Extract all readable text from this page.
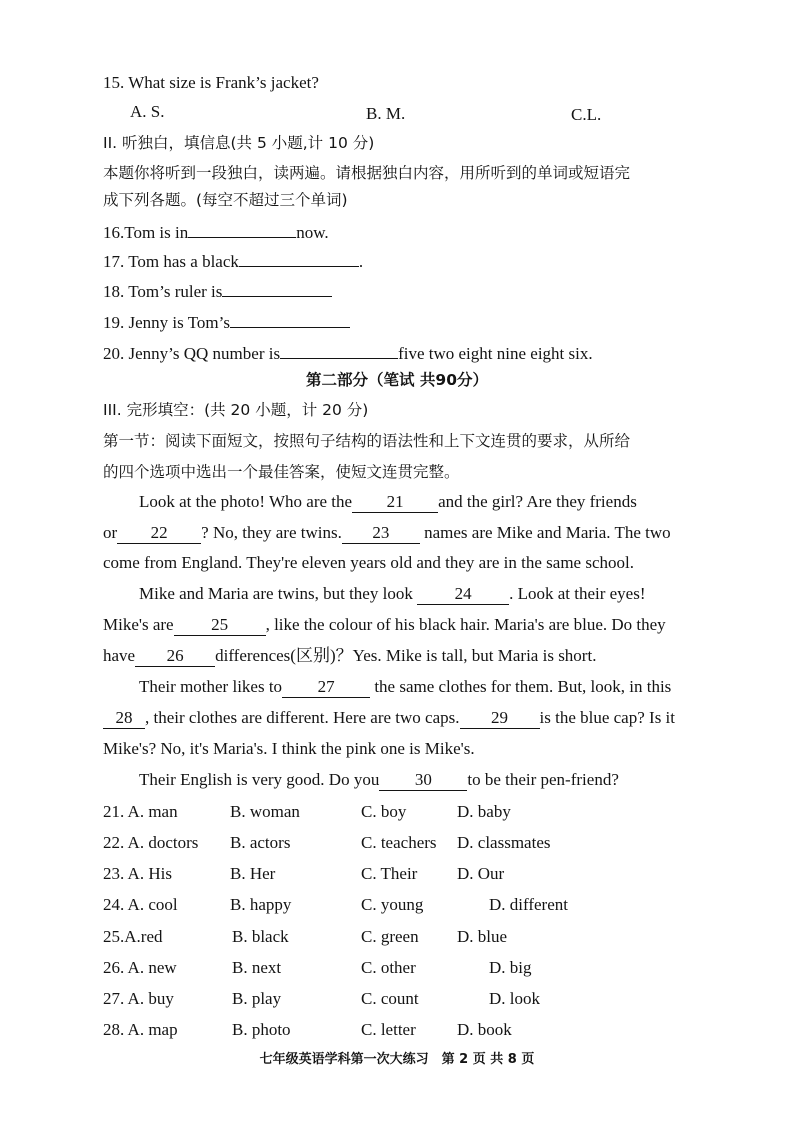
15. What size is Frank’s jacket?
A. S.	B. M.	C.L.
II. 听独白，填信息(共 5 小题,计 10 分)
本题你将听到一段独白，读两遍。请根据独白内容，用所听到的单词或短语完
成下列各题。(每空不超过三个单词)
16.Tom is in	now.
17. Tom has a black	.
18. Tom’s ruler is
19. Jenny is Tom’s
20. Jenny’s QQ number is	five two eight nine eight six.
第二部分（笔试 共90分）
III. 完形填空：(共 20 小题，计 20 分)
第一节：阅读下面短文，按照句子结构的语法性和上下文连贯的要求，从所给
的四个选项中选出一个最佳答案，使短文连贯完整。
Look at the photo! Who are the 21 and the girl? Are they friends
or 22 ? No, they are twins. 23 names are Mike and Maria. The two
come from England. They're eleven years old and they are in the same school.
Mike and Maria are twins, but they look 24 . Look at their eyes!
Mike's are 25 , like the colour of his black hair. Maria's are blue. Do they
have 26 differences(区别)？Yes. Mike is tall, but Maria is short.
Their mother likes to 27 the same clothes for them. But, look, in this
28 , their clothes are different. Here are two caps. 29 is the blue cap? Is it
Mike's? No, it's Maria's. I think the pink one is Mike's.
Their English is very good. Do you 30 to be their pen-friend?
21. A. man	B. woman	C. boy	D. baby
22. A. doctors B. actors	C. teachers D. classmates
23. A. His	B. Her	C. Their D. Our
24. A. cool	B. happy	C. young	D. different
25.A.red	B. black	C. green D. blue
26. A. new	B. next	C. other	D. big
27. A. buy	B. play	C. count	D. look
28. A. map	B. photo	C. letter D. book
七年级英语学科第一次大练习　第 2 页 共 8 页
